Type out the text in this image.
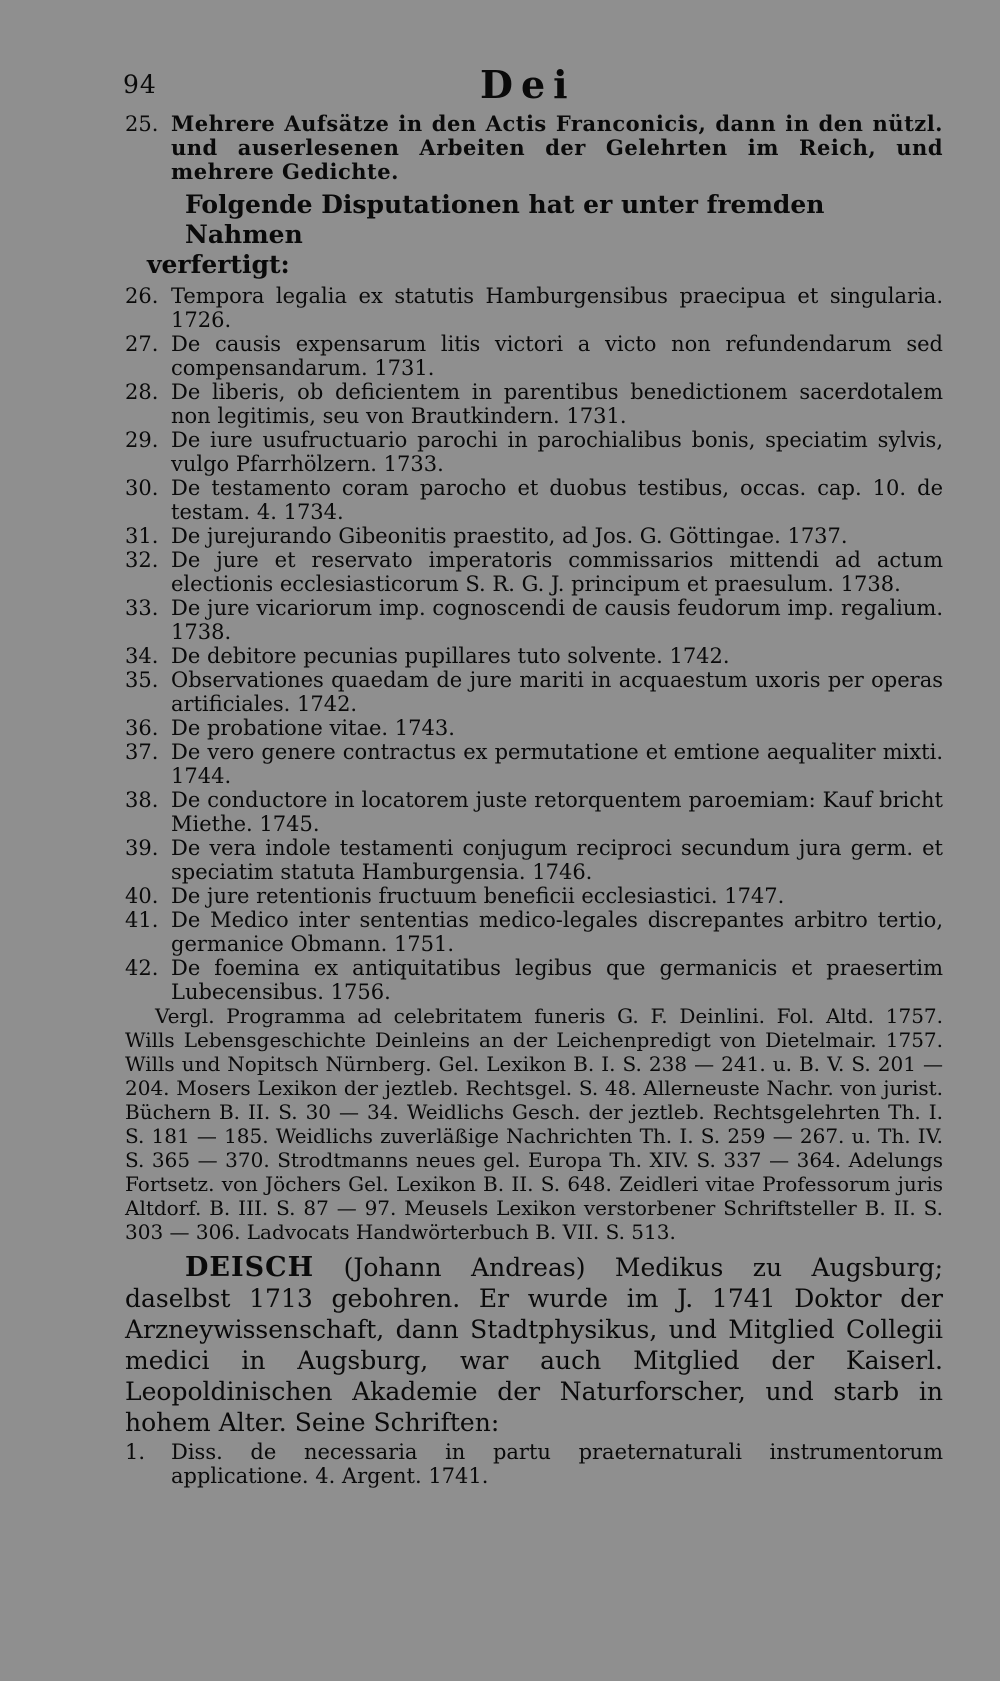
94	Dei
25. Mehrere Aufsätze in den Actis Franconicis, dann in den nützl. und auserlesenen Arbeiten der Gelehrten im Reich, und mehrere Gedichte.
Folgende Disputationen hat er unter fremden Nahmen
verfertigt:
26. Tempora legalia ex statutis Hamburgensibus praecipua et singularia. 1726.
27. De causis expensarum litis victori a victo non refundendarum sed compensandarum. 1731.
28. De liberis, ob deficientem in parentibus benedictionem sacerdotalem non legitimis, seu von Brautkindern. 1731.
29. De iure usufructuario parochi in parochialibus bonis, speciatim sylvis, vulgo Pfarrhölzern. 1733.
30. De testamento coram parocho et duobus testibus, occas. cap. 10. de testam. 4. 1734.
31. De jurejurando Gibeonitis praestito, ad Jos. G. Göttingae. 1737.
32. De jure et reservato imperatoris commissarios mittendi ad actum electionis ecclesiasticorum S. R. G. J. principum et praesulum. 1738.
33. De jure vicariorum imp. cognoscendi de causis feudorum imp. regalium. 1738.
34. De debitore pecunias pupillares tuto solvente. 1742.
35. Observationes quaedam de jure mariti in acquaestum uxoris per operas artificiales. 1742.
36. De probatione vitae. 1743.
37. De vero genere contractus ex permutatione et emtione aequaliter mixti. 1744.
38. De conductore in locatorem juste retorquentem paroemiam: Kauf bricht Miethe. 1745.
39. De vera indole testamenti conjugum reciproci secundum jura germ. et speciatim statuta Hamburgensia. 1746.
40. De jure retentionis fructuum beneficii ecclesiastici. 1747.
41. De Medico inter sententias medico-legales discrepantes arbitro tertio, germanice Obmann. 1751.
42. De foemina ex antiquitatibus legibus que germanicis et praesertim Lubecensibus. 1756.

Vergl. Programma ad celebritatem funeris G. F. Deinlini. Fol. Altd. 1757. Wills Lebensgeschichte Deinleins an der Leichenpredigt von Dietelmair. 1757. Wills und Nopitsch Nürnberg. Gel. Lexikon B. I. S. 238 — 241. u. B. V. S. 201 — 204. Mosers Lexikon der jeztleb. Rechtsgel. S. 48. Allerneuste Nachr. von jurist. Büchern B. II. S. 30 — 34. Weidlichs Gesch. der jeztleb. Rechtsgelehrten Th. I. S. 181 — 185. Weidlichs zuverläßige Nachrichten Th. I. S. 259 — 267. u. Th. IV. S. 365 — 370. Strodtmanns neues gel. Europa Th. XIV. S. 337 — 364. Adelungs Fortsetz. von Jöchers Gel. Lexikon B. II. S. 648. Zeidleri vitae Professorum juris Altdorf. B. III. S. 87 — 97. Meusels Lexikon verstorbener Schriftsteller B. II. S. 303 — 306. Ladvocats Handwörterbuch B. VII. S. 513.

DEISCH (Johann Andreas) Medikus zu Augsburg; daselbst 1713 gebohren. Er wurde im J. 1741 Doktor der Arzneywissenschaft, dann Stadtphysikus, und Mitglied Collegii medici in Augsburg, war auch Mitglied der Kaiserl. Leopoldinischen Akademie der Naturforscher, und starb in hohem Alter. Seine Schriften:

1. Diss. de necessaria in partu praeternaturali instrumentorum applicatione. 4. Argent. 1741.
